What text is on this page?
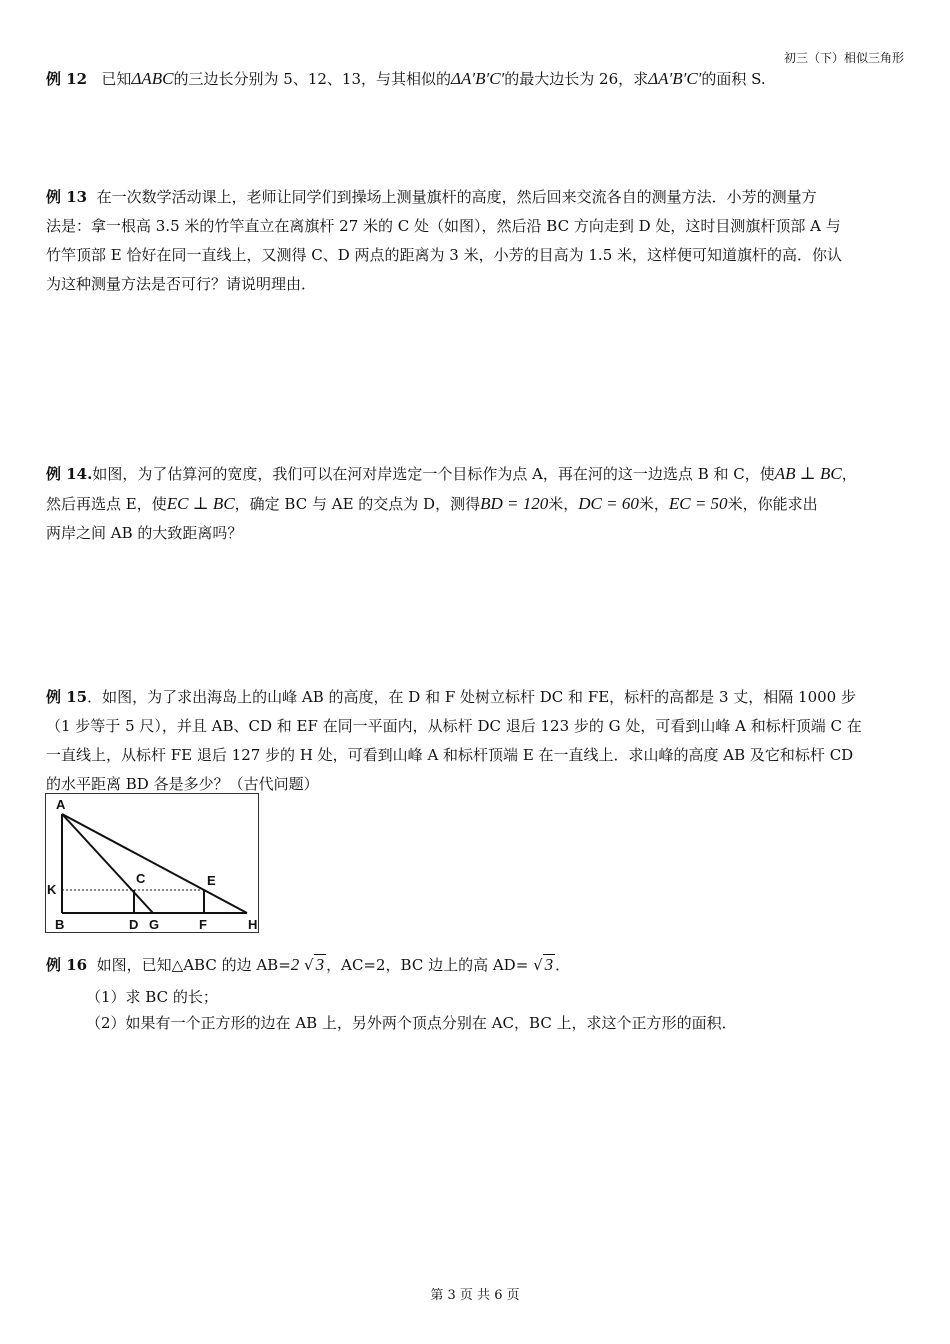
初三（下）相似三角形
例 12 已知ΔABC的三边长分别为 5、12、13，与其相似的ΔA′B′C′的最大边长为 26，求ΔA′B′C′的面积 S.
例 13 在一次数学活动课上，老师让同学们到操场上测量旗杆的高度，然后回来交流各自的测量方法．小芳的测量方
法是：拿一根高 3.5 米的竹竿直立在离旗杆 27 米的 C 处（如图），然后沿 BC 方向走到 D 处，这时目测旗杆顶部 A 与
竹竿顶部 E 恰好在同一直线上，又测得 C、D 两点的距离为 3 米，小芳的目高为 1.5 米，这样便可知道旗杆的高．你认
为这种测量方法是否可行？请说明理由．
例 14.如图，为了估算河的宽度，我们可以在河对岸选定一个目标作为点 A，再在河的这一边选点 B 和 C，使AB ⊥ BC，
然后再选点 E，使EC ⊥ BC，确定 BC 与 AE 的交点为 D，测得BD = 120米，DC = 60米，EC = 50米，你能求出
两岸之间 AB 的大致距离吗？
例 15．如图，为了求出海岛上的山峰 AB 的高度，在 D 和 F 处树立标杆 DC 和 FE，标杆的高都是 3 丈，相隔 1000 步
（1 步等于 5 尺），并且 AB、CD 和 EF 在同一平面内，从标杆 DC 退后 123 步的 G 处，可看到山峰 A 和标杆顶端 C 在
一直线上，从标杆 FE 退后 127 步的 H 处，可看到山峰 A 和标杆顶端 E 在一直线上．求山峰的高度 AB 及它和标杆 CD
的水平距离 BD 各是多少？（古代问题）
A
K
C	E
B	D G	F	H
例 16 如图，已知△ABC 的边 AB=2 √ 3 ，AC=2，BC 边上的高 AD= √ 3 ．
（1）求 BC 的长；
（2）如果有一个正方形的边在 AB 上，另外两个顶点分别在 AC，BC 上，求这个正方形的面积．
第 3 页 共 6 页
